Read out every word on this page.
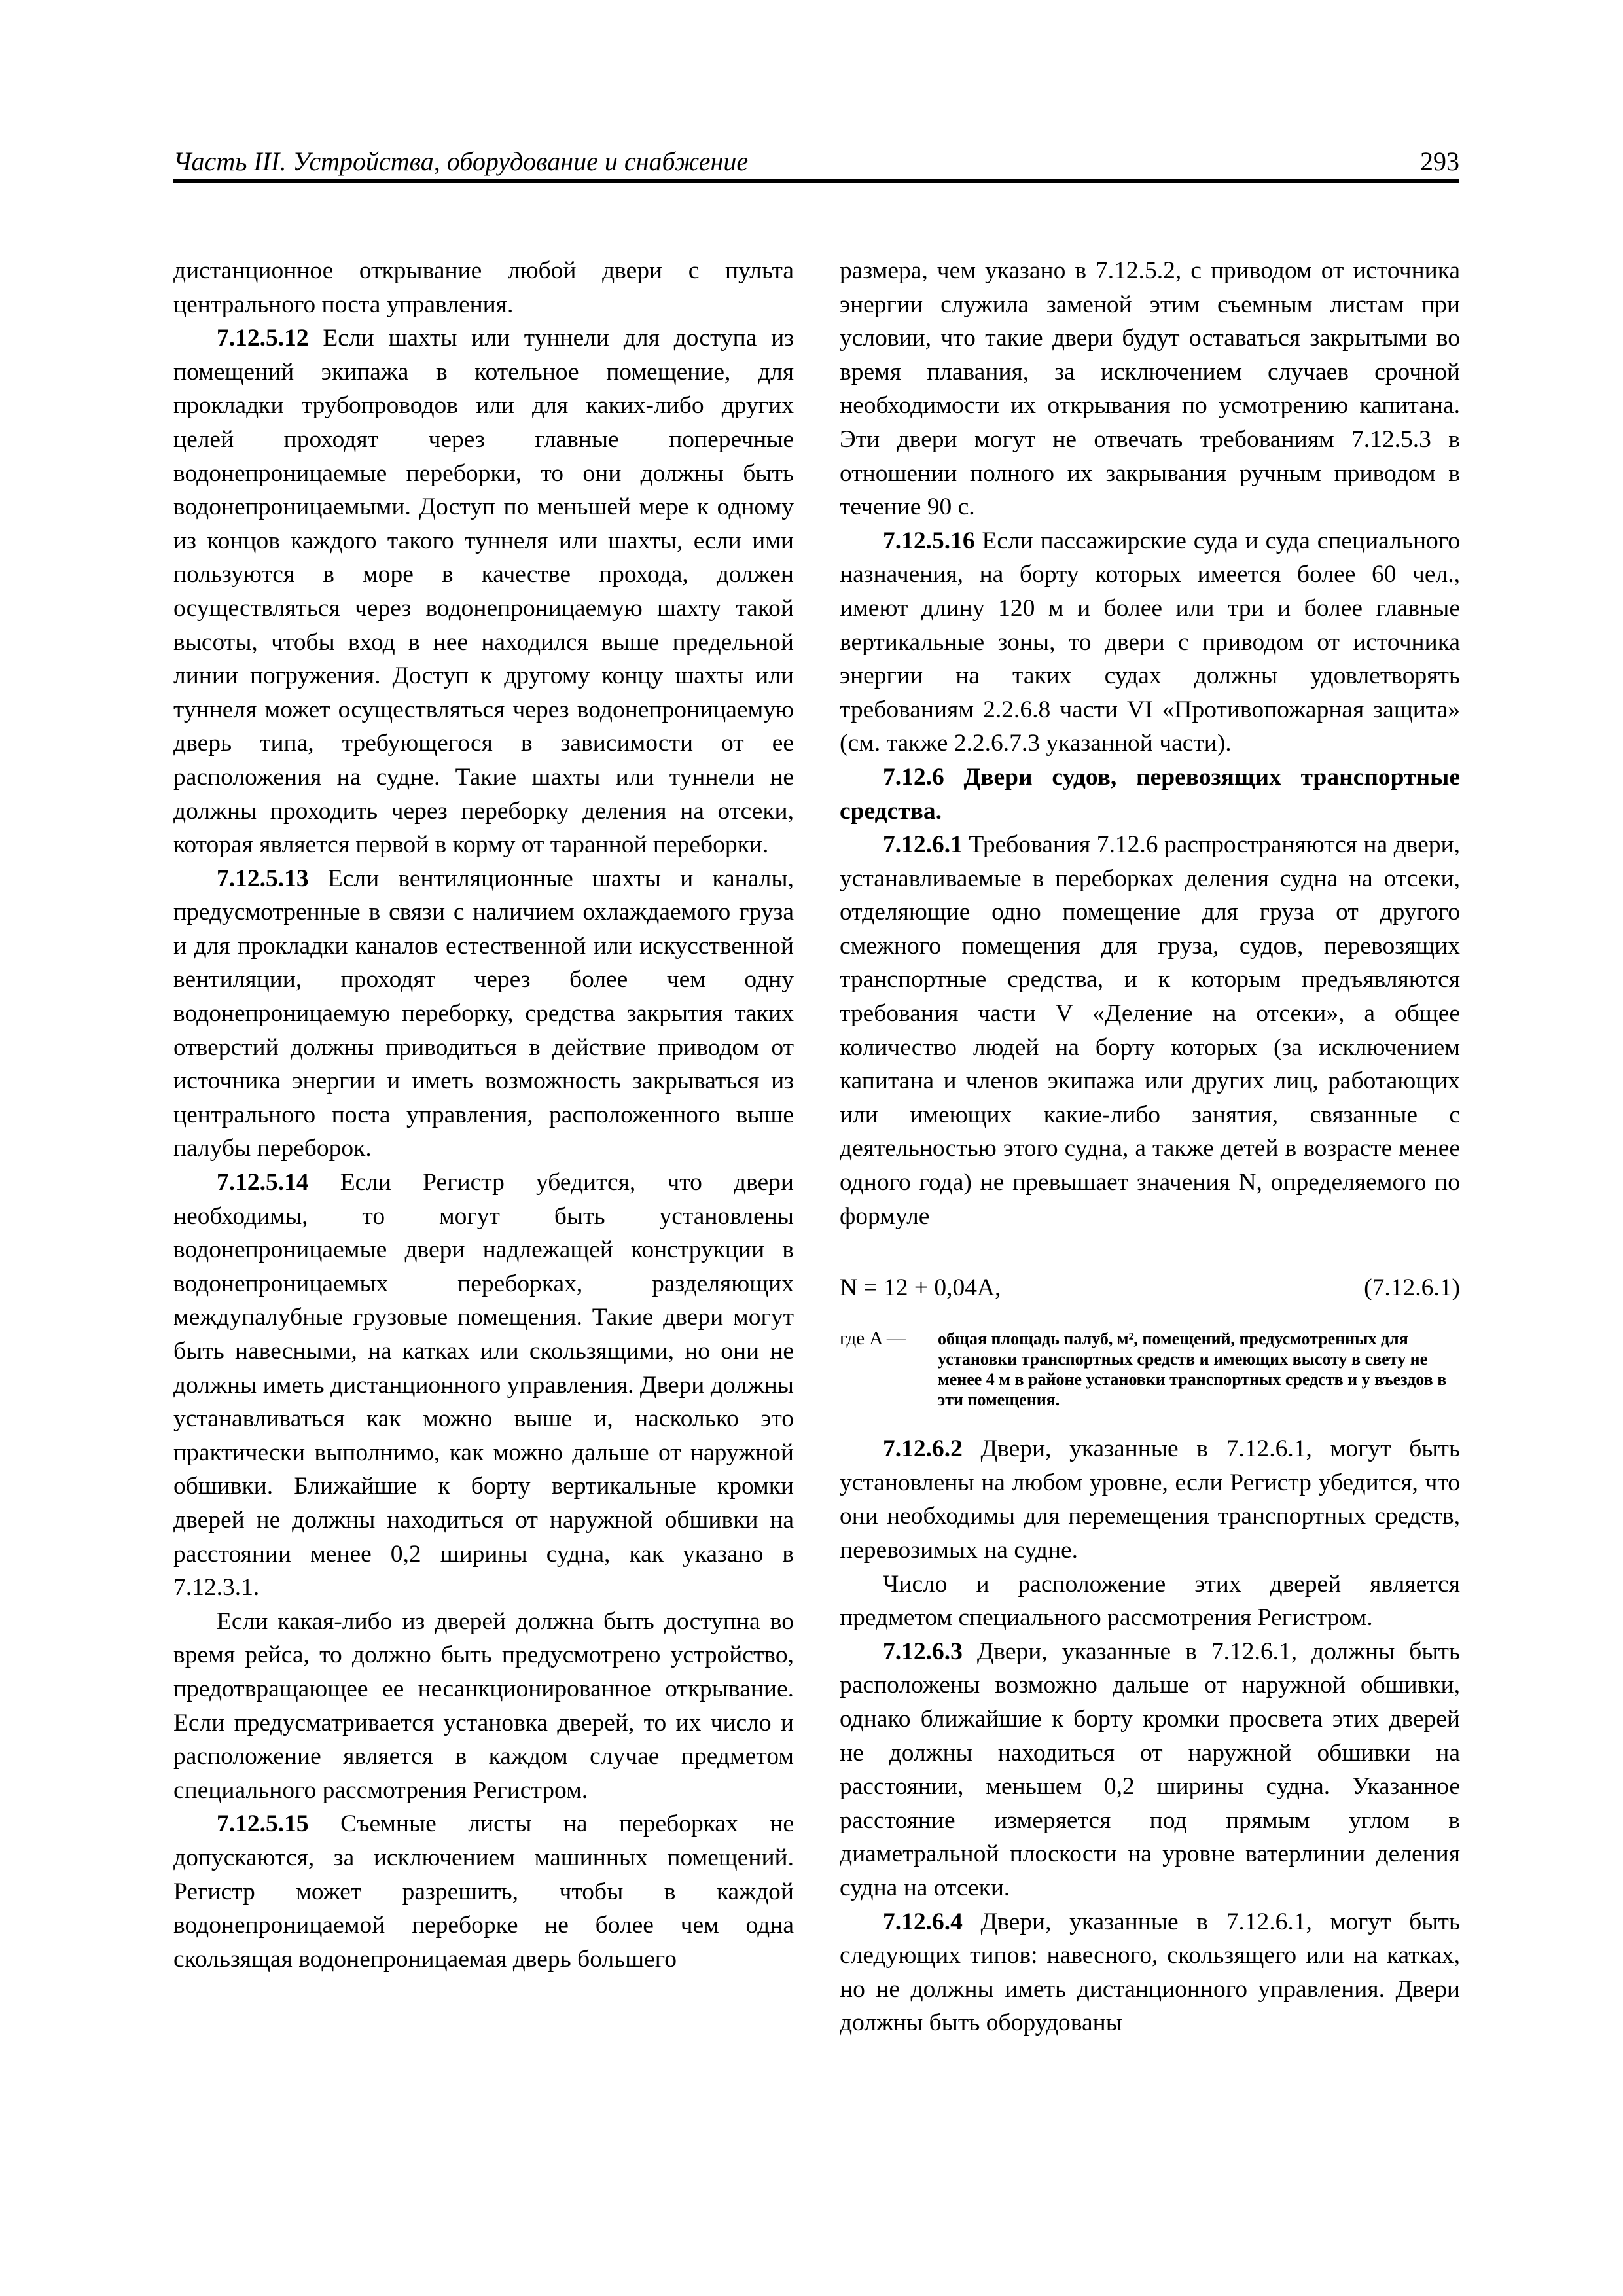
Часть III. Устройства, оборудование и снабжение	293

дистанционное открывание любой двери с пульта центрального поста управления.

7.12.5.12 Если шахты или туннели для доступа из помещений экипажа в котельное помещение, для прокладки трубопроводов или для каких-либо других целей проходят через главные поперечные водонепроницаемые переборки, то они должны быть водонепроницаемыми. Доступ по меньшей мере к одному из концов каждого такого туннеля или шахты, если ими пользуются в море в качестве прохода, должен осуществляться через водонепроницаемую шахту такой высоты, чтобы вход в нее находился выше предельной линии погружения. Доступ к другому концу шахты или туннеля может осуществляться через водонепроницаемую дверь типа, требующегося в зависимости от ее расположения на судне. Такие шахты или туннели не должны проходить через переборку деления на отсеки, которая является первой в корму от таранной переборки.

7.12.5.13 Если вентиляционные шахты и каналы, предусмотренные в связи с наличием охлаждаемого груза и для прокладки каналов естественной или искусственной вентиляции, проходят через более чем одну водонепроницаемую переборку, средства закрытия таких отверстий должны приводиться в действие приводом от источника энергии и иметь возможность закрываться из центрального поста управления, расположенного выше палубы переборок.

7.12.5.14 Если Регистр убедится, что двери необходимы, то могут быть установлены водонепроницаемые двери надлежащей конструкции в водонепроницаемых переборках, разделяющих междупалубные грузовые помещения. Такие двери могут быть навесными, на катках или скользящими, но они не должны иметь дистанционного управления. Двери должны устанавливаться как можно выше и, насколько это практически выполнимо, как можно дальше от наружной обшивки. Ближайшие к борту вертикальные кромки дверей не должны находиться от наружной обшивки на расстоянии менее 0,2 ширины судна, как указано в 7.12.3.1.

Если какая-либо из дверей должна быть доступна во время рейса, то должно быть предусмотрено устройство, предотвращающее ее несанкционированное открывание. Если предусматривается установка дверей, то их число и расположение является в каждом случае предметом специального рассмотрения Регистром.

7.12.5.15 Съемные листы на переборках не допускаются, за исключением машинных помещений. Регистр может разрешить, чтобы в каждой водонепроницаемой переборке не более чем одна скользящая водонепроницаемая дверь большего

размера, чем указано в 7.12.5.2, с приводом от источника энергии служила заменой этим съемным листам при условии, что такие двери будут оставаться закрытыми во время плавания, за исключением случаев срочной необходимости их открывания по усмотрению капитана. Эти двери могут не отвечать требованиям 7.12.5.3 в отношении полного их закрывания ручным приводом в течение 90 с.

7.12.5.16 Если пассажирские суда и суда специального назначения, на борту которых имеется более 60 чел., имеют длину 120 м и более или три и более главные вертикальные зоны, то двери с приводом от источника энергии на таких судах должны удовлетворять требованиям 2.2.6.8 части VI «Противопожарная защита» (см. также 2.2.6.7.3 указанной части).

7.12.6 Двери судов, перевозящих транспортные средства.

7.12.6.1 Требования 7.12.6 распространяются на двери, устанавливаемые в переборках деления судна на отсеки, отделяющие одно помещение для груза от другого смежного помещения для груза, судов, перевозящих транспортные средства, и к которым предъявляются требования части V «Деление на отсеки», а общее количество людей на борту которых (за исключением капитана и членов экипажа или других лиц, работающих или имеющих какие-либо занятия, связанные с деятельностью этого судна, а также детей в возрасте менее одного года) не превышает значения N, определяемого по формуле

N = 12 + 0,04A,	(7.12.6.1)
где A —	общая площадь палуб, м², помещений, предусмотренных для установки транспортных средств и имеющих высоту в свету не менее 4 м в районе установки транспортных средств и у въездов в эти помещения.

7.12.6.2 Двери, указанные в 7.12.6.1, могут быть установлены на любом уровне, если Регистр убедится, что они необходимы для перемещения транспортных средств, перевозимых на судне.

Число и расположение этих дверей является предметом специального рассмотрения Регистром.

7.12.6.3 Двери, указанные в 7.12.6.1, должны быть расположены возможно дальше от наружной обшивки, однако ближайшие к борту кромки просвета этих дверей не должны находиться от наружной обшивки на расстоянии, меньшем 0,2 ширины судна. Указанное расстояние измеряется под прямым углом в диаметральной плоскости на уровне ватерлинии деления судна на отсеки.

7.12.6.4 Двери, указанные в 7.12.6.1, могут быть следующих типов: навесного, скользящего или на катках, но не должны иметь дистанционного управления. Двери должны быть оборудованы
